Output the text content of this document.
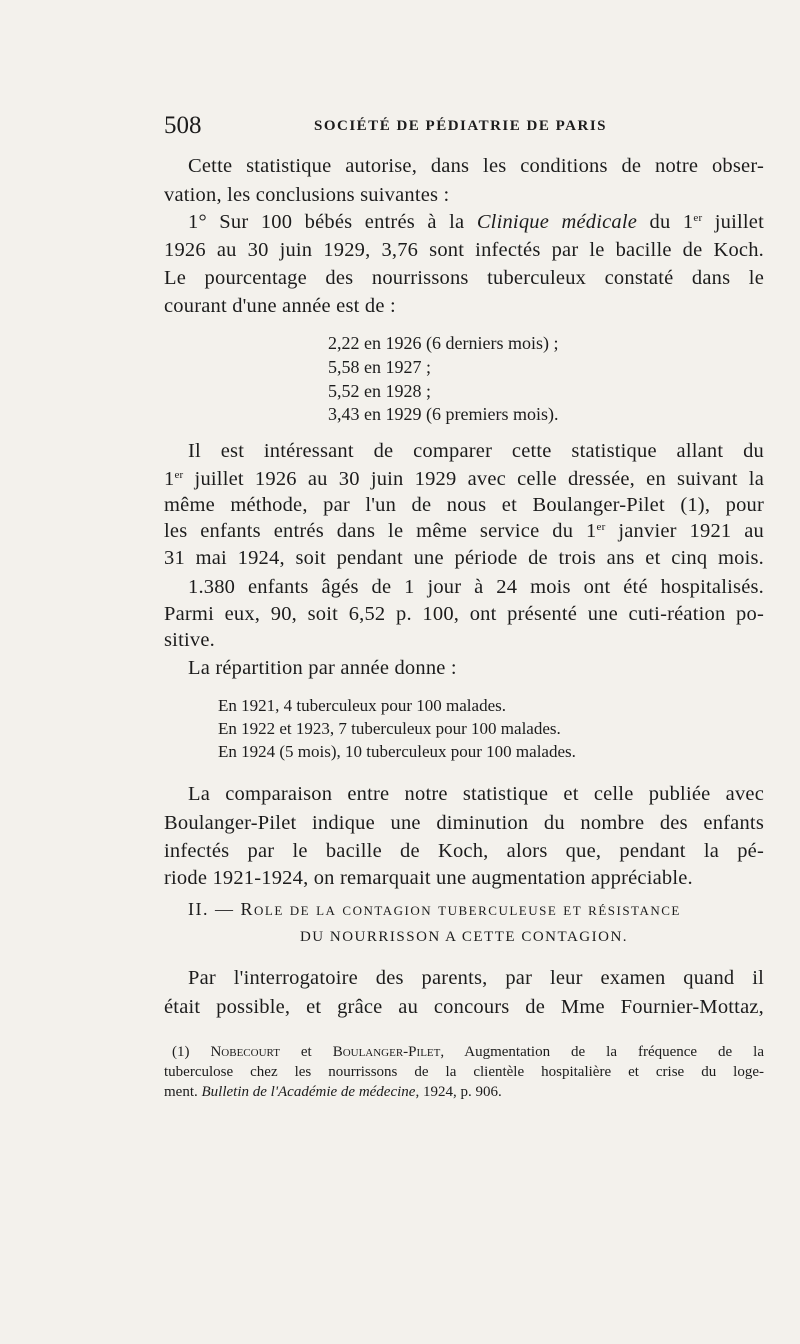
508	SOCIÉTÉ DE PÉDIATRIE DE PARIS
Cette statistique autorise, dans les conditions de notre obser-
vation, les conclusions suivantes :
1° Sur 100 bébés entrés à la Clinique médicale du 1er juillet
1926 au 30 juin 1929, 3,76 sont infectés par le bacille de Koch.
Le pourcentage des nourrissons tuberculeux constaté dans le
courant d'une année est de :
2,22 en 1926 (6 derniers mois) ;
5,58 en 1927 ;
5,52 en 1928 ;
3,43 en 1929 (6 premiers mois).
Il est intéressant de comparer cette statistique allant du
1er juillet 1926 au 30 juin 1929 avec celle dressée, en suivant la
même méthode, par l'un de nous et Boulanger-Pilet (1), pour
les enfants entrés dans le même service du 1er janvier 1921 au
31 mai 1924, soit pendant une période de trois ans et cinq mois.
1.380 enfants âgés de 1 jour à 24 mois ont été hospitalisés.
Parmi eux, 90, soit 6,52 p. 100, ont présenté une cuti-réation po-
sitive.
La répartition par année donne :
En 1921, 4 tuberculeux pour 100 malades.
En 1922 et 1923, 7 tuberculeux pour 100 malades.
En 1924 (5 mois), 10 tuberculeux pour 100 malades.
La comparaison entre notre statistique et celle publiée avec
Boulanger-Pilet indique une diminution du nombre des enfants
infectés par le bacille de Koch, alors que, pendant la pé-
riode 1921-1924, on remarquait une augmentation appréciable.
II. — Role de la contagion tuberculeuse et résistance
DU NOURRISSON A CETTE CONTAGION.
Par l'interrogatoire des parents, par leur examen quand il
était possible, et grâce au concours de Mme Fournier-Mottaz,
(1) Nobecourt et Boulanger-Pilet, Augmentation de la fréquence de la
tuberculose chez les nourrissons de la clientèle hospitalière et crise du loge-
ment. Bulletin de l'Académie de médecine, 1924, p. 906.
